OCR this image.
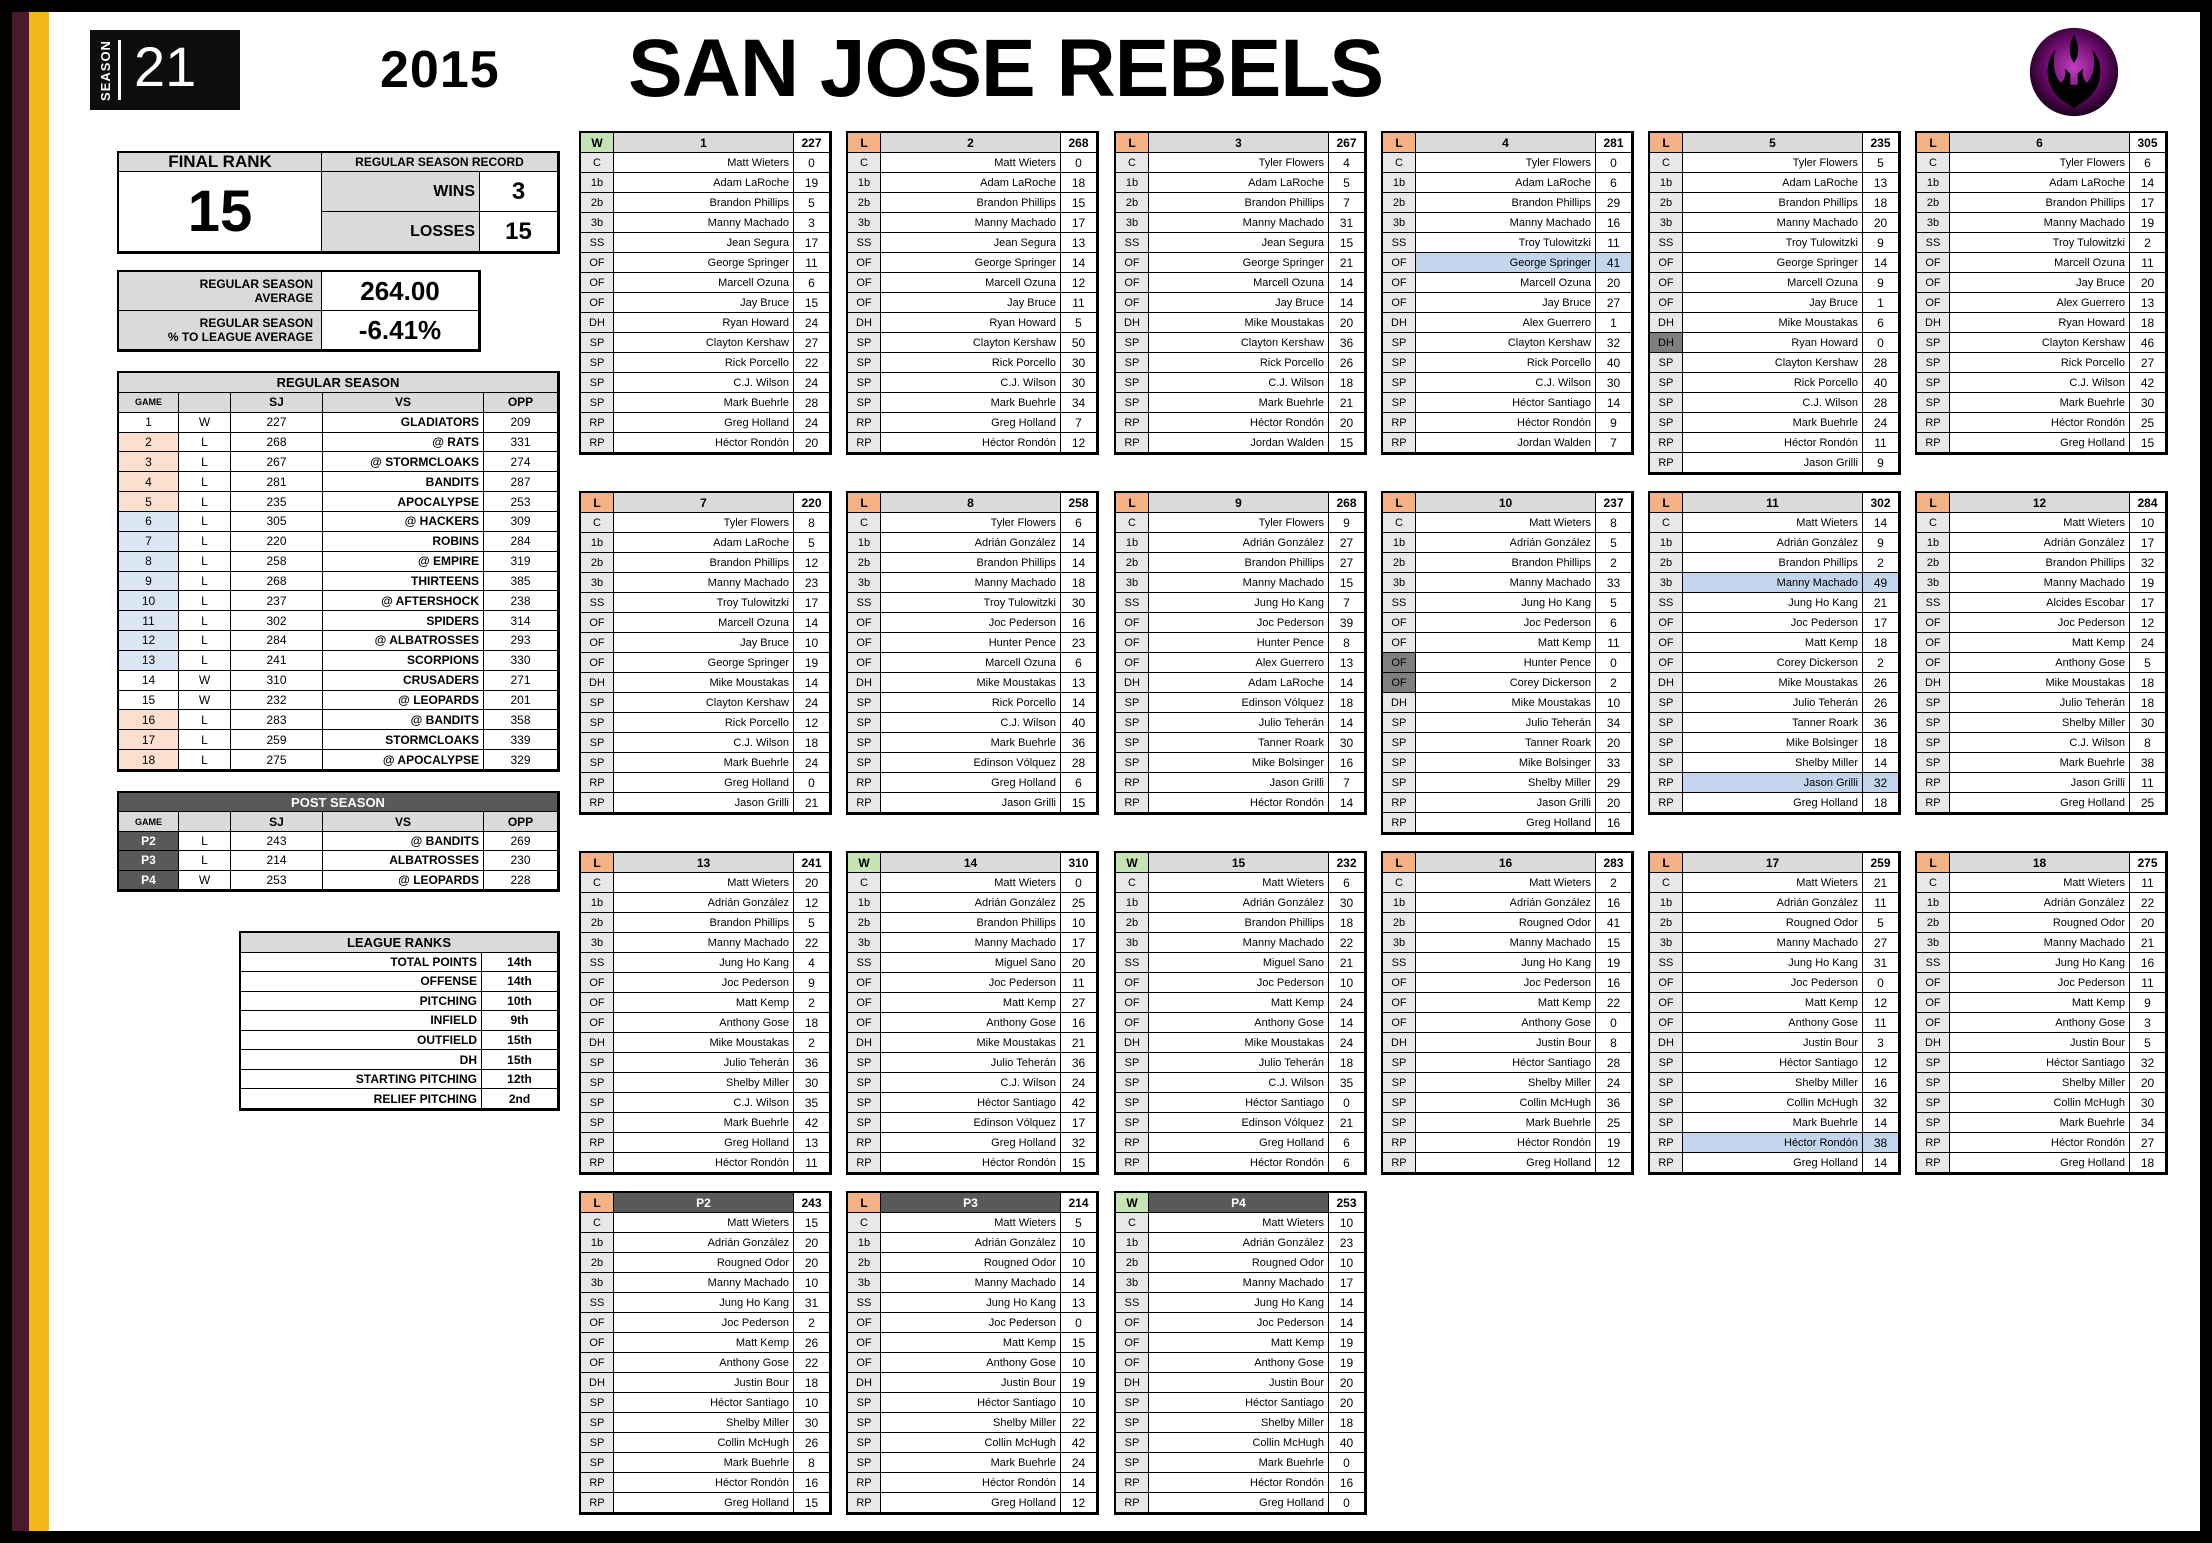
SEASON 21	2015 SAN JOSE REBELS
FINAL RANK	REGULAR SEASON RECORD
15	WINS	3
LOSSES	15
REGULAR SEASON
AVERAGE	264.00
REGULAR SEASON
% TO LEAGUE AVERAGE	-6.41%
REGULAR SEASON
GAME	SJ	VS	OPP
1	W	227	GLADIATORS	209
2	L	268	@ RATS	331
3	L	267	@ STORMCLOAKS	274
4	L	281	BANDITS	287
5	L	235	APOCALYPSE	253
6	L	305	@ HACKERS	309
7	L	220	ROBINS	284
8	L	258	@ EMPIRE	319
9	L	268	THIRTEENS	385
10	L	237	@ AFTERSHOCK	238
11	L	302	SPIDERS	314
12	L	284	@ ALBATROSSES	293
13	L	241	SCORPIONS	330
14	W	310	CRUSADERS	271
15	W	232	@ LEOPARDS	201
16	L	283	@ BANDITS	358
17	L	259	STORMCLOAKS	339
18	L	275	@ APOCALYPSE	329
POST SEASON
GAME	SJ	VS	OPP
P2	L	243	@ BANDITS	269
P3	L	214	ALBATROSSES	230
P4	W	253	@ LEOPARDS	228
LEAGUE RANKS
TOTAL POINTS	14th
OFFENSE	14th
PITCHING	10th
INFIELD	9th
OUTFIELD	15th
DH	15th
STARTING PITCHING	12th
RELIEF PITCHING	2nd
W	1	227
C	Matt Wieters	0
1b	Adam LaRoche	19
2b	Brandon Phillips	5
3b	Manny Machado	3
SS	Jean Segura	17
OF	George Springer	11
OF	Marcell Ozuna	6
OF	Jay Bruce	15
DH	Ryan Howard	24
SP	Clayton Kershaw	27
SP	Rick Porcello	22
SP	C.J. Wilson	24
SP	Mark Buehrle	28
RP	Greg Holland	24
RP	Héctor Rondón	20
L	2	268
C	Matt Wieters	0
1b	Adam LaRoche	18
2b	Brandon Phillips	15
3b	Manny Machado	17
SS	Jean Segura	13
OF	George Springer	14
OF	Marcell Ozuna	12
OF	Jay Bruce	11
DH	Ryan Howard	5
SP	Clayton Kershaw	50
SP	Rick Porcello	30
SP	C.J. Wilson	30
SP	Mark Buehrle	34
RP	Greg Holland	7
RP	Héctor Rondón	12
L	3	267
C	Tyler Flowers	4
1b	Adam LaRoche	5
2b	Brandon Phillips	7
3b	Manny Machado	31
SS	Jean Segura	15
OF	George Springer	21
OF	Marcell Ozuna	14
OF	Jay Bruce	14
DH	Mike Moustakas	20
SP	Clayton Kershaw	36
SP	Rick Porcello	26
SP	C.J. Wilson	18
SP	Mark Buehrle	21
RP	Héctor Rondón	20
RP	Jordan Walden	15
L	4	281
C	Tyler Flowers	0
1b	Adam LaRoche	6
2b	Brandon Phillips	29
3b	Manny Machado	16
SS	Troy Tulowitzki	11
OF	George Springer	41
OF	Marcell Ozuna	20
OF	Jay Bruce	27
DH	Alex Guerrero	1
SP	Clayton Kershaw	32
SP	Rick Porcello	40
SP	C.J. Wilson	30
SP	Héctor Santiago	14
RP	Héctor Rondón	9
RP	Jordan Walden	7
L	5	235
C	Tyler Flowers	5
1b	Adam LaRoche	13
2b	Brandon Phillips	18
3b	Manny Machado	20
SS	Troy Tulowitzki	9
OF	George Springer	14
OF	Marcell Ozuna	9
OF	Jay Bruce	1
DH	Mike Moustakas	6
DH	Ryan Howard	0
SP	Clayton Kershaw	28
SP	Rick Porcello	40
SP	C.J. Wilson	28
SP	Mark Buehrle	24
RP	Héctor Rondón	11
RP	Jason Grilli	9
L	6	305
C	Tyler Flowers	6
1b	Adam LaRoche	14
2b	Brandon Phillips	17
3b	Manny Machado	19
SS	Troy Tulowitzki	2
OF	Marcell Ozuna	11
OF	Jay Bruce	20
OF	Alex Guerrero	13
DH	Ryan Howard	18
SP	Clayton Kershaw	46
SP	Rick Porcello	27
SP	C.J. Wilson	42
SP	Mark Buehrle	30
RP	Héctor Rondón	25
RP	Greg Holland	15
L	7	220
C	Tyler Flowers	8
1b	Adam LaRoche	5
2b	Brandon Phillips	12
3b	Manny Machado	23
SS	Troy Tulowitzki	17
OF	Marcell Ozuna	14
OF	Jay Bruce	10
OF	George Springer	19
DH	Mike Moustakas	14
SP	Clayton Kershaw	24
SP	Rick Porcello	12
SP	C.J. Wilson	18
SP	Mark Buehrle	24
RP	Greg Holland	0
RP	Jason Grilli	21
L	8	258
C	Tyler Flowers	6
1b	Adrián González	14
2b	Brandon Phillips	14
3b	Manny Machado	18
SS	Troy Tulowitzki	30
OF	Joc Pederson	16
OF	Hunter Pence	23
OF	Marcell Ozuna	6
DH	Mike Moustakas	13
SP	Rick Porcello	14
SP	C.J. Wilson	40
SP	Mark Buehrle	36
SP	Edinson Vólquez	28
RP	Greg Holland	6
RP	Jason Grilli	15
L	9	268
C	Tyler Flowers	9
1b	Adrián González	27
2b	Brandon Phillips	27
3b	Manny Machado	15
SS	Jung Ho Kang	7
OF	Joc Pederson	39
OF	Hunter Pence	8
OF	Alex Guerrero	13
DH	Adam LaRoche	14
SP	Edinson Vólquez	18
SP	Julio Teherán	14
SP	Tanner Roark	30
SP	Mike Bolsinger	16
RP	Jason Grilli	7
RP	Héctor Rondón	14
L	10	237
C	Matt Wieters	8
1b	Adrián González	5
2b	Brandon Phillips	2
3b	Manny Machado	33
SS	Jung Ho Kang	5
OF	Joc Pederson	6
OF	Matt Kemp	11
OF	Hunter Pence	0
OF	Corey Dickerson	2
DH	Mike Moustakas	10
SP	Julio Teherán	34
SP	Tanner Roark	20
SP	Mike Bolsinger	33
SP	Shelby Miller	29
RP	Jason Grilli	20
RP	Greg Holland	16
L	11	302
C	Matt Wieters	14
1b	Adrián González	9
2b	Brandon Phillips	2
3b	Manny Machado	49
SS	Jung Ho Kang	21
OF	Joc Pederson	17
OF	Matt Kemp	18
OF	Corey Dickerson	2
DH	Mike Moustakas	26
SP	Julio Teherán	26
SP	Tanner Roark	36
SP	Mike Bolsinger	18
SP	Shelby Miller	14
RP	Jason Grilli	32
RP	Greg Holland	18
L	12	284
C	Matt Wieters	10
1b	Adrián González	17
2b	Brandon Phillips	32
3b	Manny Machado	19
SS	Alcides Escobar	17
OF	Joc Pederson	12
OF	Matt Kemp	24
OF	Anthony Gose	5
DH	Mike Moustakas	18
SP	Julio Teherán	18
SP	Shelby Miller	30
SP	C.J. Wilson	8
SP	Mark Buehrle	38
RP	Jason Grilli	11
RP	Greg Holland	25
L	13	241
C	Matt Wieters	20
1b	Adrián González	12
2b	Brandon Phillips	5
3b	Manny Machado	22
SS	Jung Ho Kang	4
OF	Joc Pederson	9
OF	Matt Kemp	2
OF	Anthony Gose	18
DH	Mike Moustakas	2
SP	Julio Teherán	36
SP	Shelby Miller	30
SP	C.J. Wilson	35
SP	Mark Buehrle	42
RP	Greg Holland	13
RP	Héctor Rondón	11
W	14	310
C	Matt Wieters	0
1b	Adrián González	25
2b	Brandon Phillips	10
3b	Manny Machado	17
SS	Miguel Sano	20
OF	Joc Pederson	11
OF	Matt Kemp	27
OF	Anthony Gose	16
DH	Mike Moustakas	21
SP	Julio Teherán	36
SP	C.J. Wilson	24
SP	Héctor Santiago	42
SP	Edinson Vólquez	17
RP	Greg Holland	32
RP	Héctor Rondón	15
W	15	232
C	Matt Wieters	6
1b	Adrián González	30
2b	Brandon Phillips	18
3b	Manny Machado	22
SS	Miguel Sano	21
OF	Joc Pederson	10
OF	Matt Kemp	24
OF	Anthony Gose	14
DH	Mike Moustakas	24
SP	Julio Teherán	18
SP	C.J. Wilson	35
SP	Héctor Santiago	0
SP	Edinson Vólquez	21
RP	Greg Holland	6
RP	Héctor Rondón	6
L	16	283
C	Matt Wieters	2
1b	Adrián González	16
2b	Rougned Odor	41
3b	Manny Machado	15
SS	Jung Ho Kang	19
OF	Joc Pederson	16
OF	Matt Kemp	22
OF	Anthony Gose	0
DH	Justin Bour	8
SP	Héctor Santiago	28
SP	Shelby Miller	24
SP	Collin McHugh	36
SP	Mark Buehrle	25
RP	Héctor Rondón	19
RP	Greg Holland	12
L	17	259
C	Matt Wieters	21
1b	Adrián González	11
2b	Rougned Odor	5
3b	Manny Machado	27
SS	Jung Ho Kang	31
OF	Joc Pederson	0
OF	Matt Kemp	12
OF	Anthony Gose	11
DH	Justin Bour	3
SP	Héctor Santiago	12
SP	Shelby Miller	16
SP	Collin McHugh	32
SP	Mark Buehrle	14
RP	Héctor Rondón	38
RP	Greg Holland	14
L	18	275
C	Matt Wieters	11
1b	Adrián González	22
2b	Rougned Odor	20
3b	Manny Machado	21
SS	Jung Ho Kang	16
OF	Joc Pederson	11
OF	Matt Kemp	9
OF	Anthony Gose	3
DH	Justin Bour	5
SP	Héctor Santiago	32
SP	Shelby Miller	20
SP	Collin McHugh	30
SP	Mark Buehrle	34
RP	Héctor Rondón	27
RP	Greg Holland	18
L	P2	243
C	Matt Wieters	15
1b	Adrián González	20
2b	Rougned Odor	20
3b	Manny Machado	10
SS	Jung Ho Kang	31
OF	Joc Pederson	2
OF	Matt Kemp	26
OF	Anthony Gose	22
DH	Justin Bour	18
SP	Héctor Santiago	10
SP	Shelby Miller	30
SP	Collin McHugh	26
SP	Mark Buehrle	8
RP	Héctor Rondón	16
RP	Greg Holland	15
L	P3	214
C	Matt Wieters	5
1b	Adrián González	10
2b	Rougned Odor	10
3b	Manny Machado	14
SS	Jung Ho Kang	13
OF	Joc Pederson	0
OF	Matt Kemp	15
OF	Anthony Gose	10
DH	Justin Bour	19
SP	Héctor Santiago	10
SP	Shelby Miller	22
SP	Collin McHugh	42
SP	Mark Buehrle	24
RP	Héctor Rondón	14
RP	Greg Holland	12
W	P4	253
C	Matt Wieters	10
1b	Adrián González	23
2b	Rougned Odor	10
3b	Manny Machado	17
SS	Jung Ho Kang	14
OF	Joc Pederson	14
OF	Matt Kemp	19
OF	Anthony Gose	19
DH	Justin Bour	20
SP	Héctor Santiago	20
SP	Shelby Miller	18
SP	Collin McHugh	40
SP	Mark Buehrle	0
RP	Héctor Rondón	16
RP	Greg Holland	0
